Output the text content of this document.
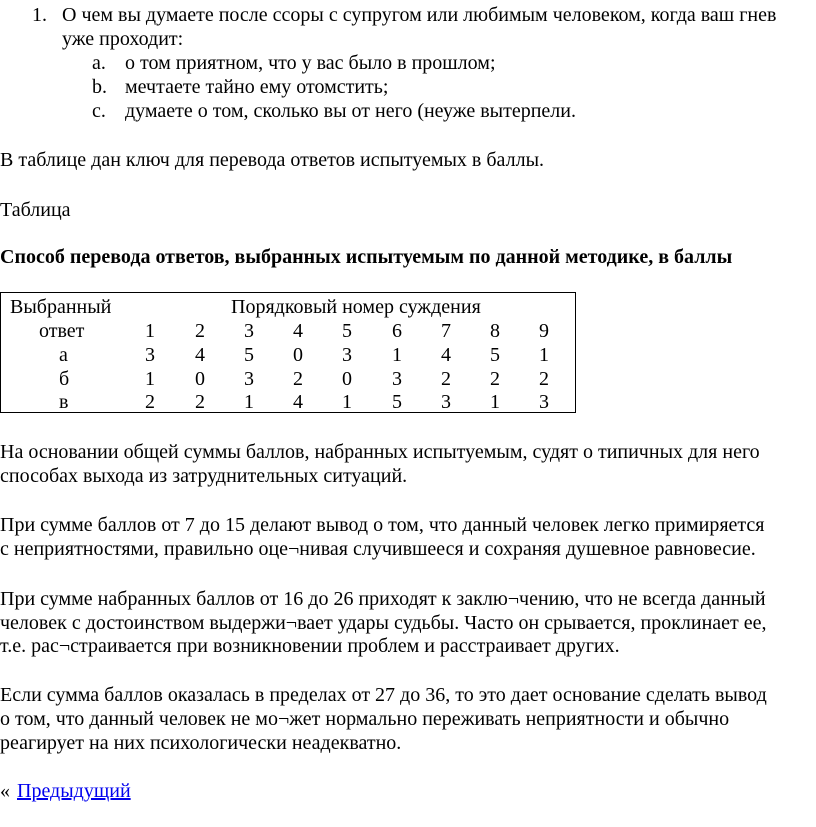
1. О чем вы думаете после ссоры с супругом или любимым человеком, когда ваш гнев
уже проходит:
a. о том приятном, что у вас было в прошлом;
b. мечтаете тайно ему отомстить;
c. думаете о том, сколько вы от него (неуже вытерпели.
В таблице дан ключ для перевода ответов испытуемых в баллы.
Таблица
Способ перевода ответов, выбранных испытуемым по данной методике, в баллы
Выбранный	Порядковый номер суждения
ответ	1 2 3 4 5 6 7 8 9
а	3 4 5 0 3 1 4 5 1
б	1 0 3 2 0 3 2 2 2
в	2 2 1 4 1 5 3 1 3
На основании общей суммы баллов, набранных испытуемым, судят о типичных для него
способах выхода из затруднительных ситуаций.
При сумме баллов от 7 до 15 делают вывод о том, что данный человек легко примиряется
с неприятностями, правильно оце¬нивая случившееся и сохраняя душевное равновесие.
При сумме набранных баллов от 16 до 26 приходят к заклю¬чению, что не всегда данный
человек с достоинством выдержи¬вает удары судьбы. Часто он срывается, проклинает ее,
т.е. рас¬страивается при возникновении проблем и расстраивает других.
Если сумма баллов оказалась в пределах от 27 до 36, то это дает основание сделать вывод
о том, что данный человек не мо¬жет нормально переживать неприятности и обычно
реагирует на них психологически неадекватно.
« Предыдущий
